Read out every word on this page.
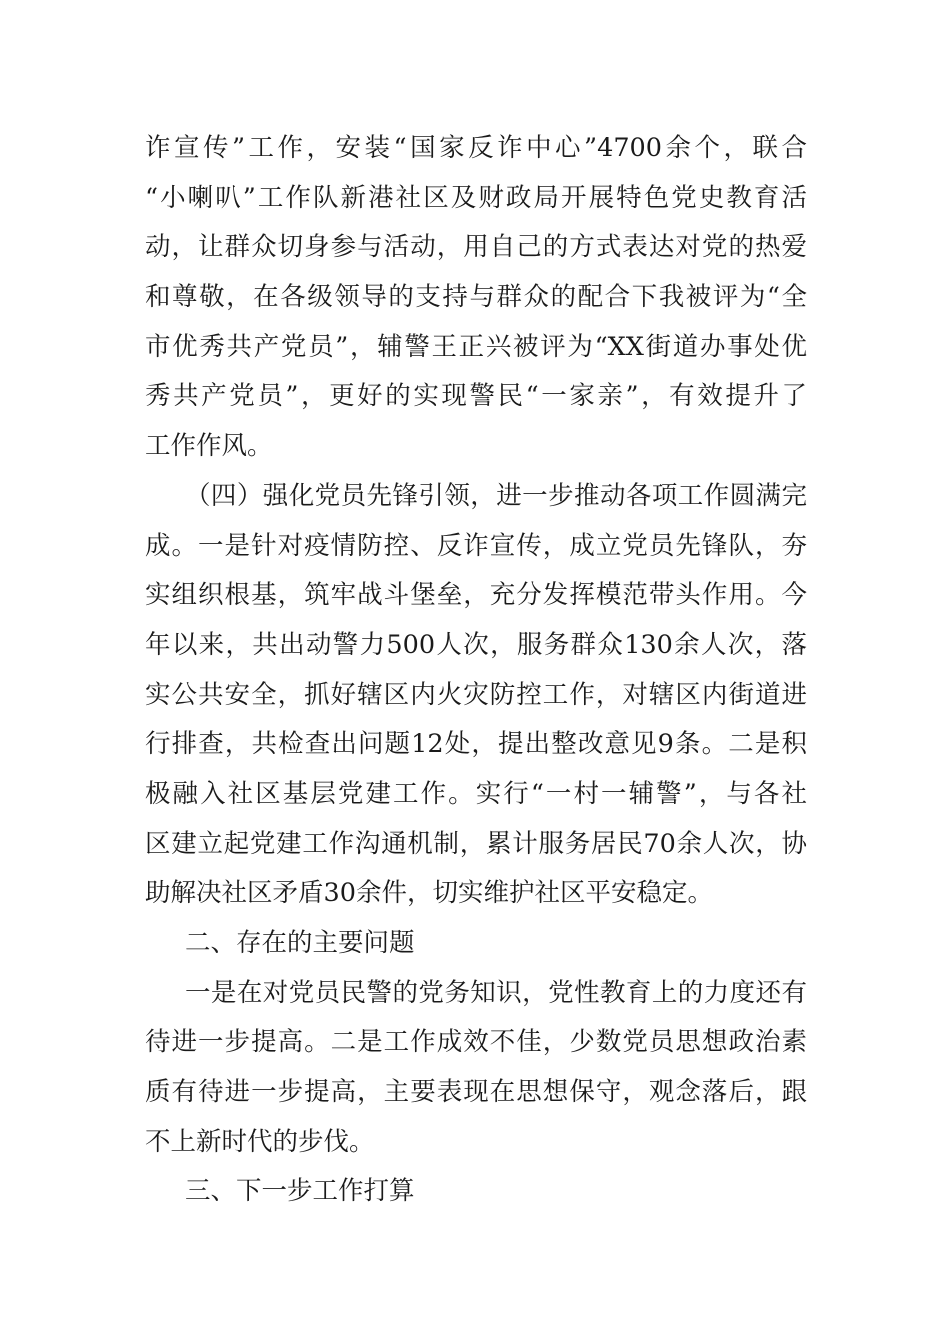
诈宣传”工作，安装“国家反诈中心”4700余个，联合
“小喇叭”工作队新港社区及财政局开展特色党史教育活
动，让群众切身参与活动，用自己的方式表达对党的热爱
和尊敬，在各级领导的支持与群众的配合下我被评为“全
市优秀共产党员”，辅警王正兴被评为“XX街道办事处优
秀共产党员”，更好的实现警民“一家亲”，有效提升了
工作作风。
（四）强化党员先锋引领，进一步推动各项工作圆满完
成。一是针对疫情防控、反诈宣传，成立党员先锋队，夯
实组织根基，筑牢战斗堡垒，充分发挥模范带头作用。今
年以来，共出动警力500人次，服务群众130余人次，落
实公共安全，抓好辖区内火灾防控工作，对辖区内街道进
行排查，共检查出问题12处，提出整改意见9条。二是积
极融入社区基层党建工作。实行“一村一辅警”，与各社
区建立起党建工作沟通机制，累计服务居民70余人次，协
助解决社区矛盾30余件，切实维护社区平安稳定。
二、存在的主要问题
一是在对党员民警的党务知识，党性教育上的力度还有
待进一步提高。二是工作成效不佳，少数党员思想政治素
质有待进一步提高，主要表现在思想保守，观念落后，跟
不上新时代的步伐。
三、下一步工作打算
